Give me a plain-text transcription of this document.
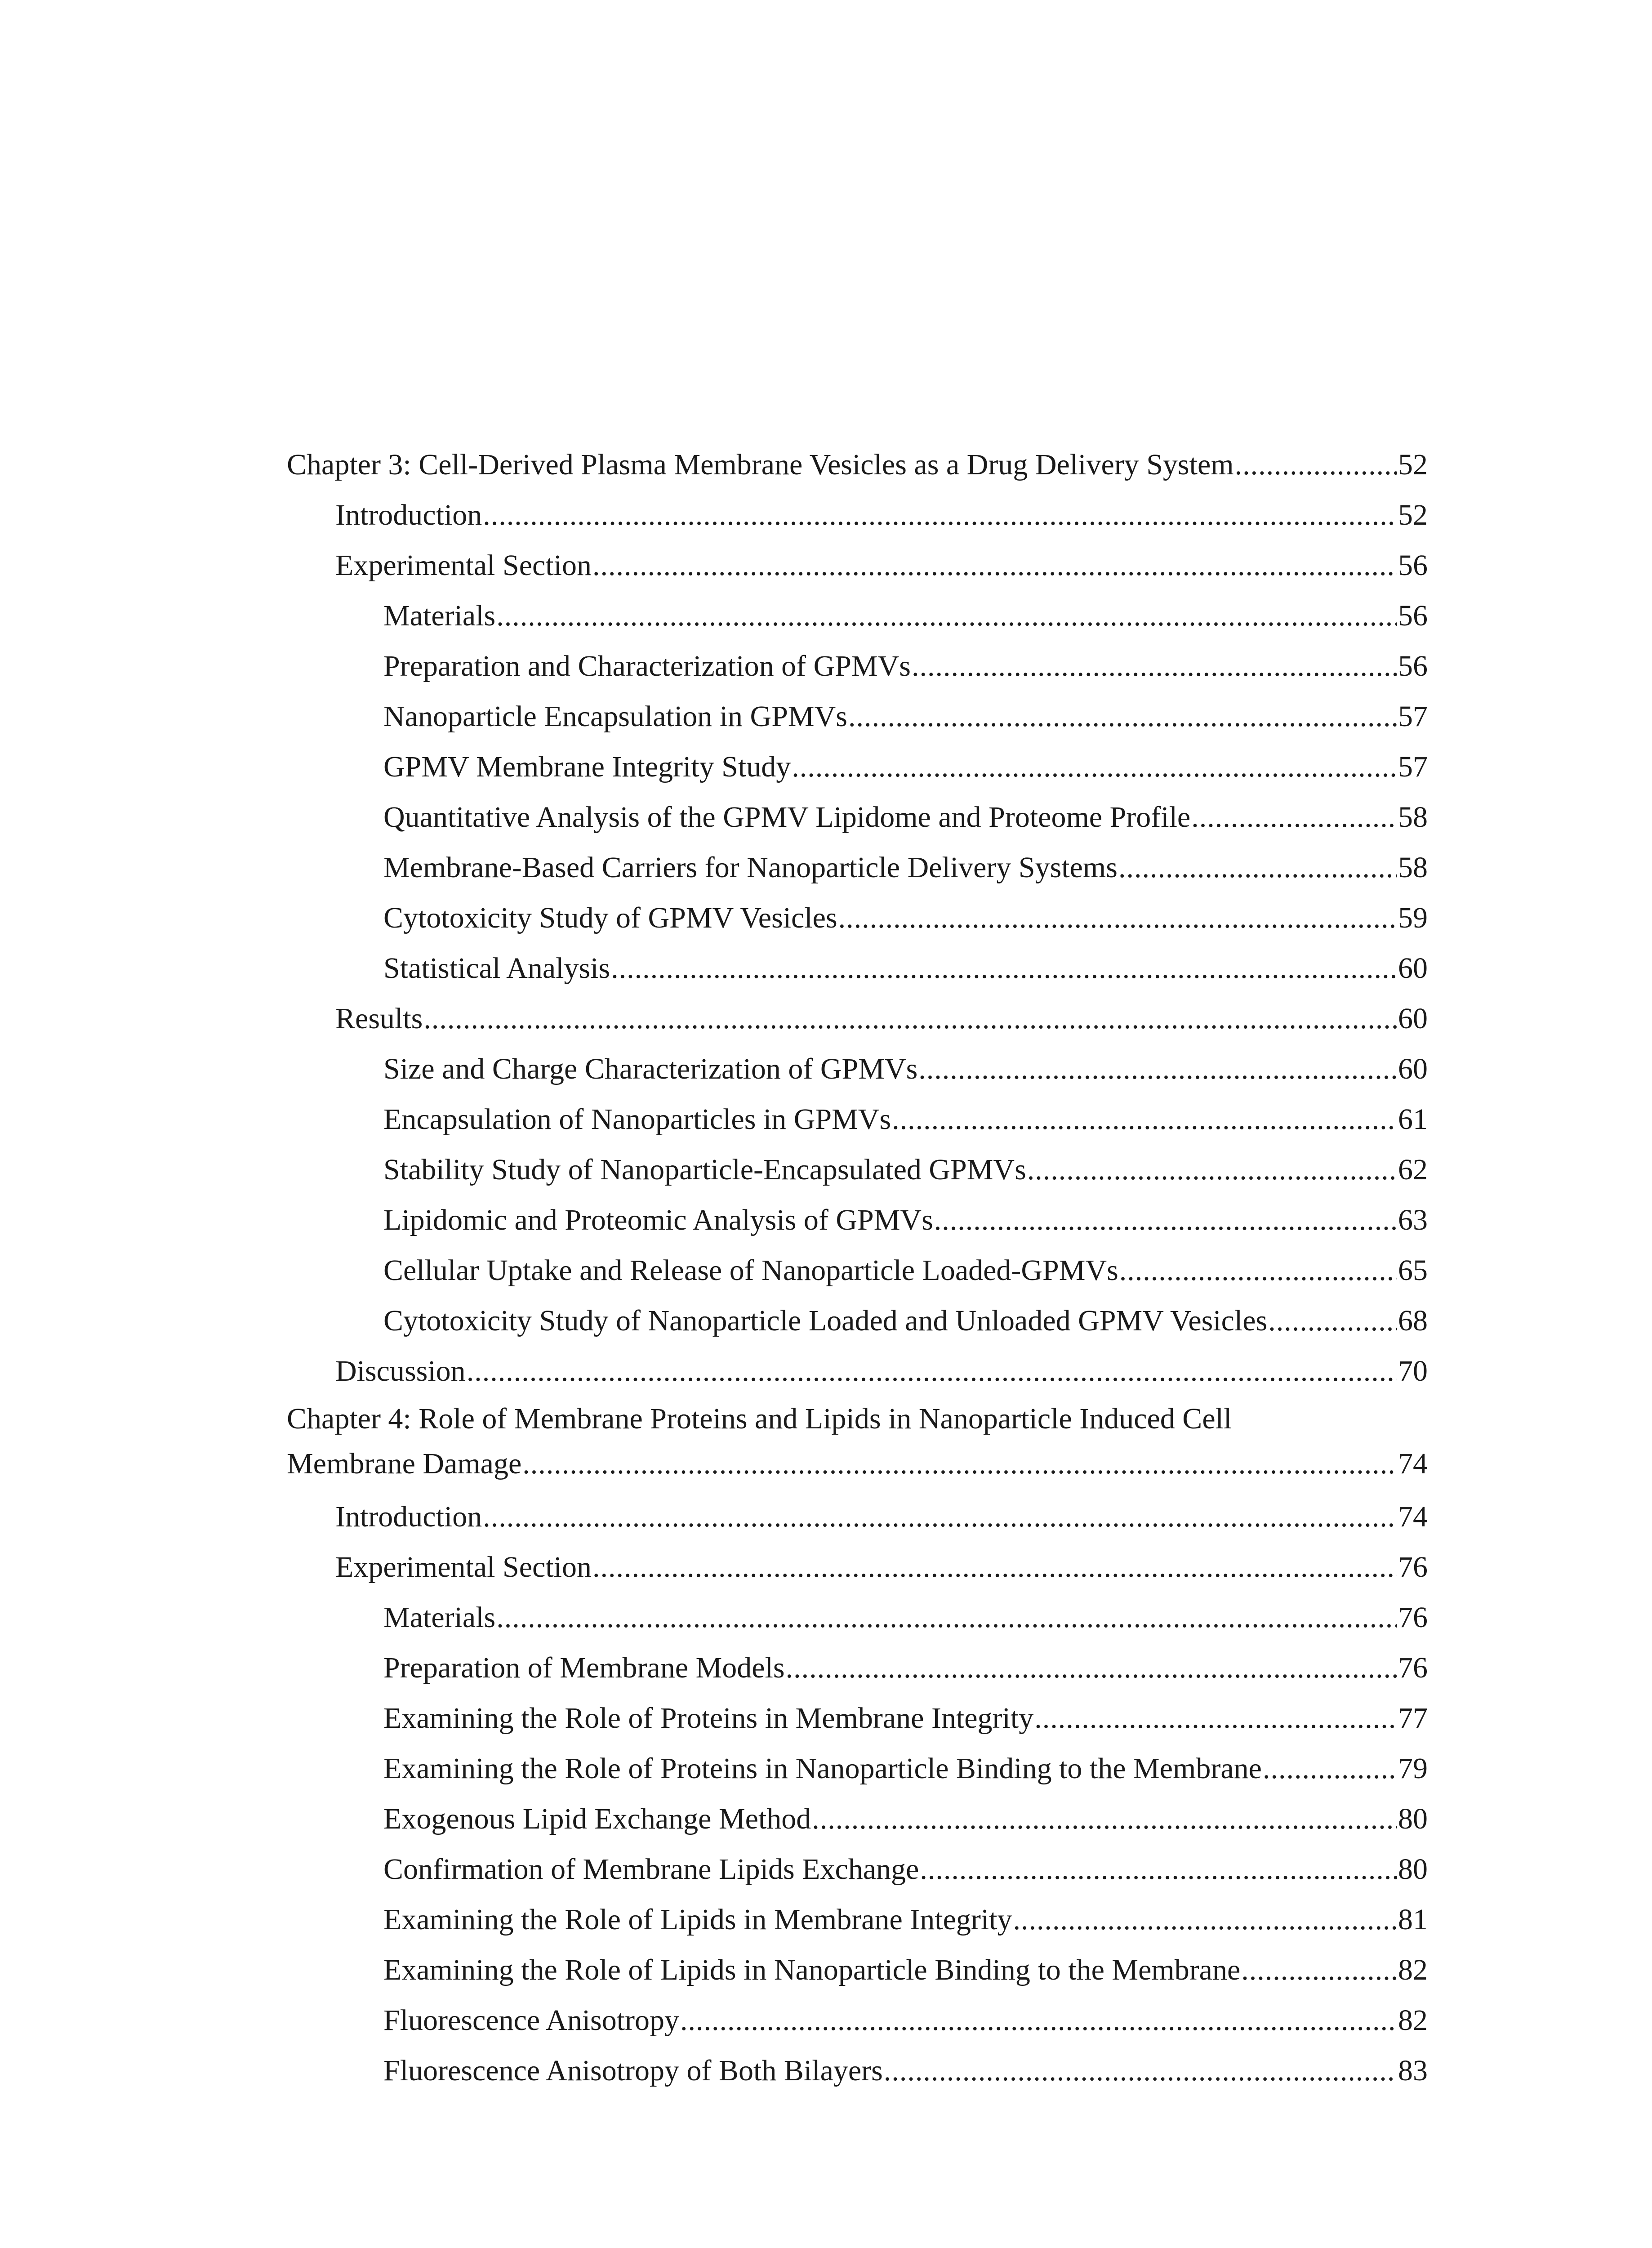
Chapter 3: Cell-Derived Plasma Membrane Vesicles as a Drug Delivery System .....	52
Introduction .....	52
Experimental Section .....	56
Materials .....	56
Preparation and Characterization of GPMVs .....	56
Nanoparticle Encapsulation in GPMVs .....	57
GPMV Membrane Integrity Study .....	57
Quantitative Analysis of the GPMV Lipidome and Proteome Profile .....	58
Membrane-Based Carriers for Nanoparticle Delivery Systems .....	58
Cytotoxicity Study of GPMV Vesicles .....	59
Statistical Analysis .....	60
Results .....	60
Size and Charge Characterization of GPMVs .....	60
Encapsulation of Nanoparticles in GPMVs .....	61
Stability Study of Nanoparticle-Encapsulated GPMVs .....	62
Lipidomic and Proteomic Analysis of GPMVs .....	63
Cellular Uptake and Release of Nanoparticle Loaded-GPMVs .....	65
Cytotoxicity Study of Nanoparticle Loaded and Unloaded GPMV Vesicles .....	68
Discussion .....	70
Chapter 4: Role of Membrane Proteins and Lipids in Nanoparticle Induced Cell
Membrane Damage .....	74
Introduction .....	74
Experimental Section .....	76
Materials .....	76
Preparation of Membrane Models .....	76
Examining the Role of Proteins in Membrane Integrity .....	77
Examining the Role of Proteins in Nanoparticle Binding to the Membrane .....	79
Exogenous Lipid Exchange Method .....	80
Confirmation of Membrane Lipids Exchange .....	80
Examining the Role of Lipids in Membrane Integrity .....	81
Examining the Role of Lipids in Nanoparticle Binding to the Membrane .....	82
Fluorescence Anisotropy .....	82
Fluorescence Anisotropy of Both Bilayers .....	83
